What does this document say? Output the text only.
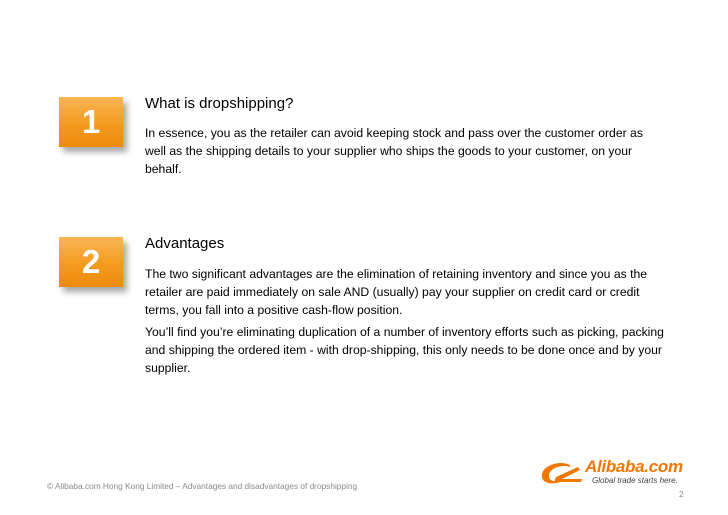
1	What is dropshipping?
In essence, you as the retailer can avoid keeping stock and pass over the customer order as well as the shipping details to your supplier who ships the goods to your customer, on your behalf.
2	Advantages
The two significant advantages are the elimination of retaining inventory and since you as the retailer are paid immediately on sale AND (usually) pay your supplier on credit card or credit terms, you fall into a positive cash-flow position.
You’ll find you’re eliminating duplication of a number of inventory efforts such as picking, packing and shipping the ordered item - with drop-shipping, this only needs to be done once and by your supplier.
© Alibaba.com Hong Kong Limited – Advantages and disadvantages of dropshipping
Alibaba.com
Global trade starts here.
2
